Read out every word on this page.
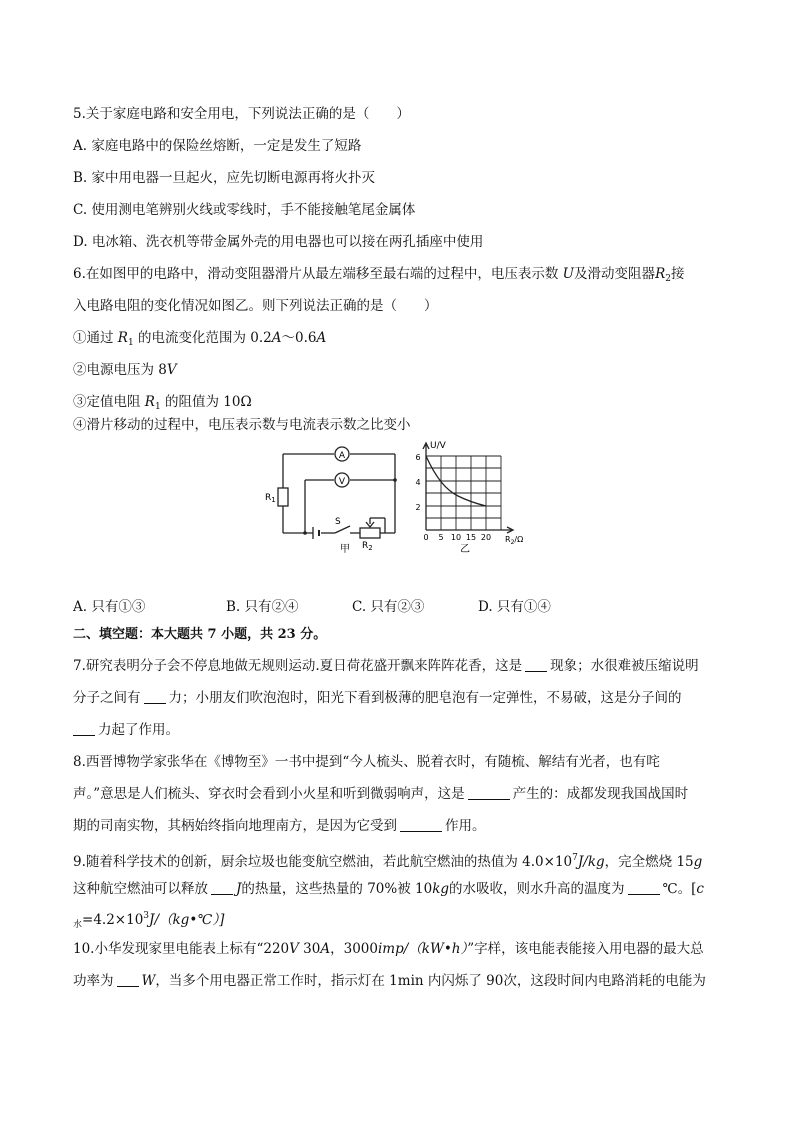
5.关于家庭电路和安全用电，下列说法正确的是（　　）
A. 家庭电路中的保险丝熔断，一定是发生了短路
B. 家中用电器一旦起火，应先切断电源再将火扑灭
C. 使用测电笔辨别火线或零线时，手不能接触笔尾金属体
D. 电冰箱、洗衣机等带金属外壳的用电器也可以接在两孔插座中使用
6.在如图甲的电路中，滑动变阻器滑片从最左端移至最右端的过程中，电压表示数 U及滑动变阻器$R_2$接
入电路电阻的变化情况如图乙。则下列说法正确的是（　　）
①通过 $R_1$ 的电流变化范围为 0.2A～0.6A
②电源电压为 8V
③定值电阻 $R_1$ 的阻值为 10Ω
④滑片移动的过程中，电压表示数与电流表示数之比变小
A
V
$R_1$
S
$R_2$
甲
U/V
6
4
2
0 5 10 15 20 $R_2/\Omega$
乙
A. 只有①③	B. 只有②④	C. 只有②③	D. 只有①④
二、填空题：本大题共 7 小题，共 23 分。
7.研究表明分子会不停息地做无规则运动.夏日荷花盛开飘来阵阵花香，这是 现象；水很难被压缩说明
分子之间有 力；小朋友们吹泡泡时，阳光下看到极薄的肥皂泡有一定弹性，不易破，这是分子间的
力起了作用。
8.西晋博物学家张华在《博物至》一书中提到“今人梳头、脱着衣时，有随梳、解结有光者，也有咤
声。”意思是人们梳头、穿衣时会看到小火星和听到微弱响声，这是	产生的：成都发现我国战国时
期的司南实物，其柄始终指向地理南方，是因为它受到	作用。
9.随着科学技术的创新，厨余垃圾也能变航空燃油，若此航空燃油的热值为 $4.0\times 10^7J/kg$，完全燃烧 15g
这种航空燃油可以释放 J的热量，这些热量的 70%被 10kg的水吸收，则水升高的温度为	℃。[c
$_水=4.2\times 10^3J/(kg•℃)$]
10.小华发现家里电能表上标有“220V 30A，3000imp/（kW•h）”字样，该电能表能接入用电器的最大总
功率为 W，当多个用电器正常工作时，指示灯在 1min 内闪烁了 90次，这段时间内电路消耗的电能为
